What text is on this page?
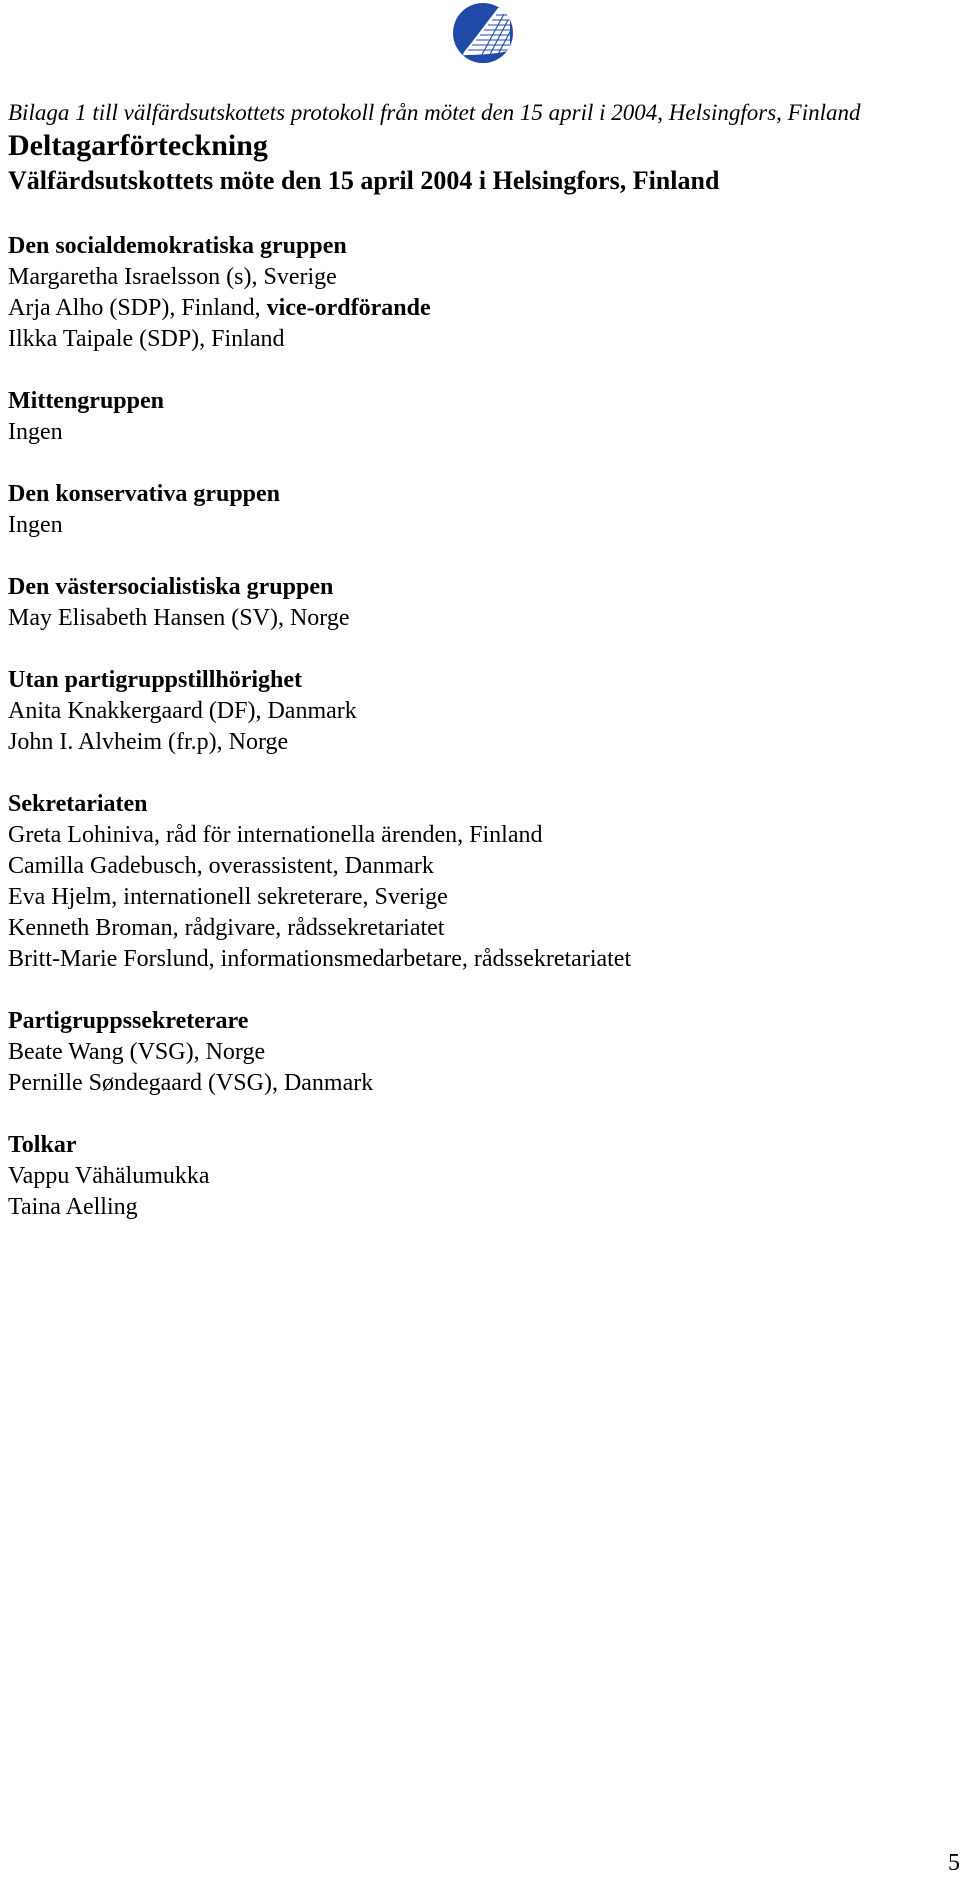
Bilaga 1 till välfärdsutskottets protokoll från mötet den 15 april i 2004, Helsingfors, Finland

Deltagarförteckning

Välfärdsutskottets möte den 15 april 2004 i Helsingfors, Finland

Den socialdemokratiska gruppen

Margaretha Israelsson (s), Sverige

Arja Alho (SDP), Finland, vice-ordförande

Ilkka Taipale (SDP), Finland

Mittengruppen

Ingen

Den konservativa gruppen

Ingen

Den västersocialistiska gruppen

May Elisabeth Hansen (SV), Norge

Utan partigruppstillhörighet

Anita Knakkergaard (DF), Danmark

John I. Alvheim (fr.p), Norge

Sekretariaten

Greta Lohiniva, råd för internationella ärenden, Finland

Camilla Gadebusch, overassistent, Danmark

Eva Hjelm, internationell sekreterare, Sverige

Kenneth Broman, rådgivare, rådssekretariatet

Britt-Marie Forslund, informationsmedarbetare, rådssekretariatet

Partigruppssekreterare

Beate Wang (VSG), Norge

Pernille Søndegaard (VSG), Danmark

Tolkar

Vappu Vähälumukka

Taina Aelling

5
